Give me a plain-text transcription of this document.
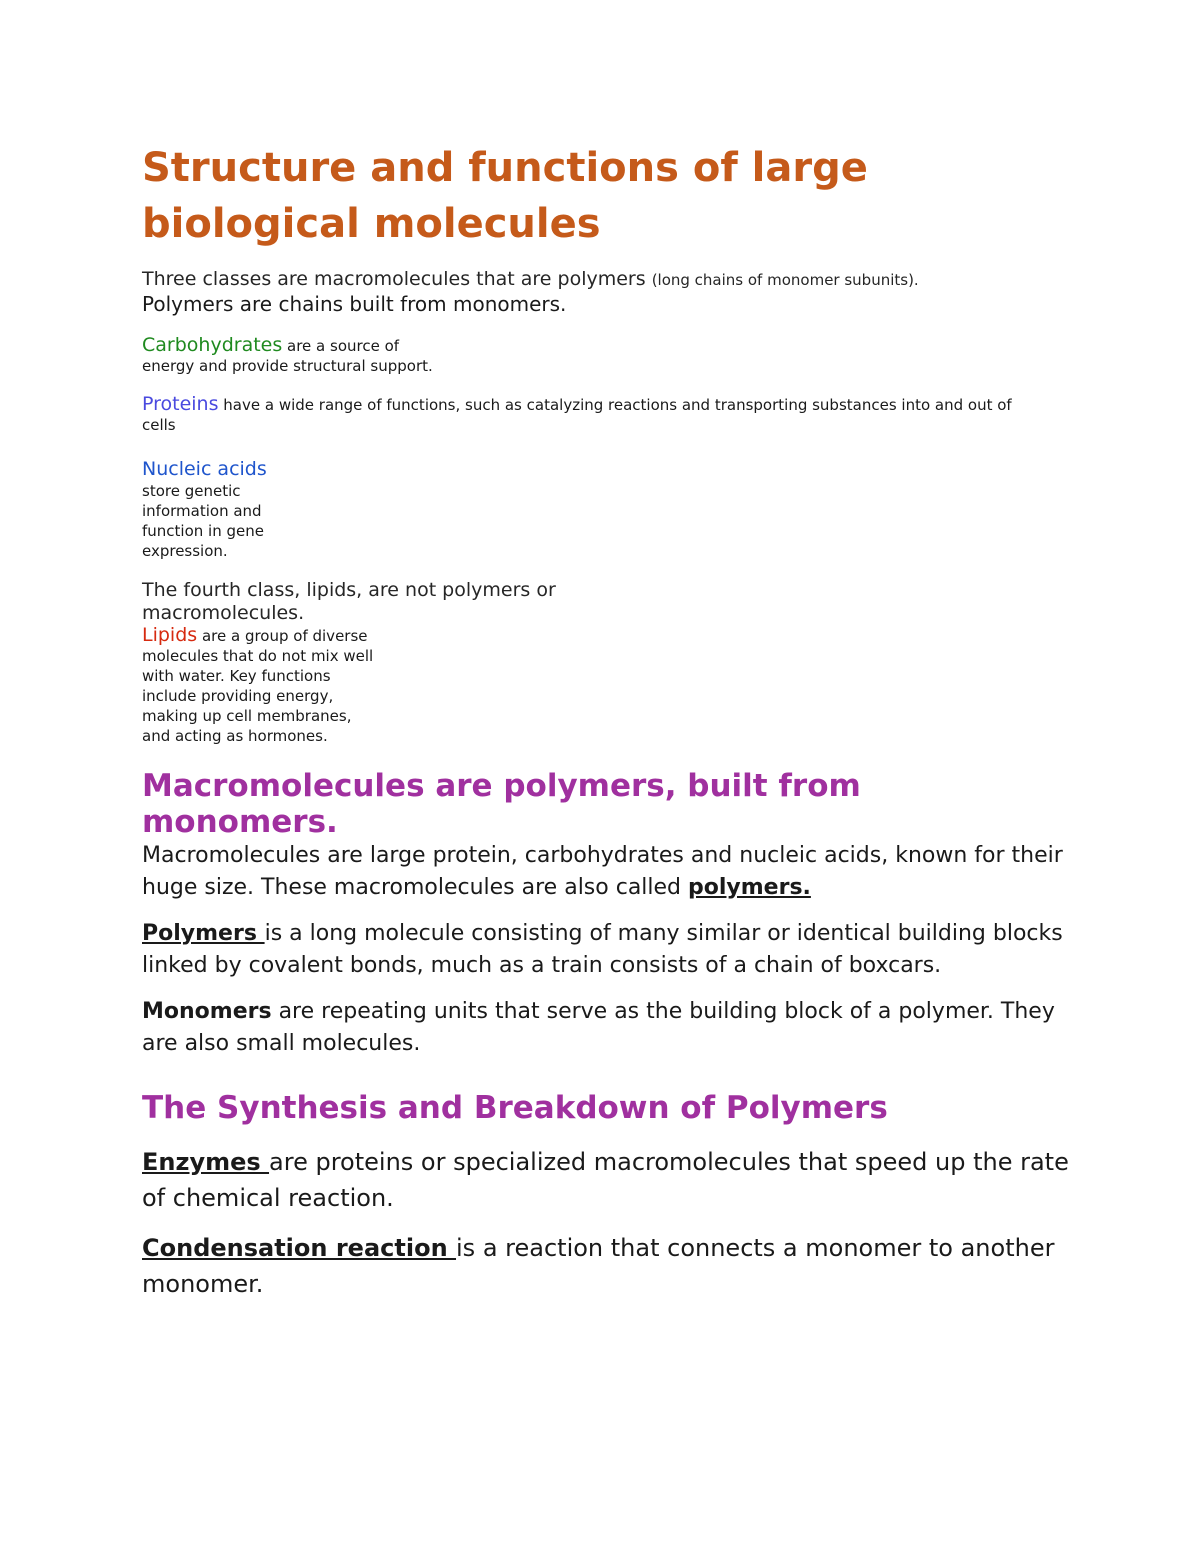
Structure and functions of large biological molecules

Three classes are macromolecules that are polymers (long chains of monomer subunits).

Polymers are chains built from monomers.

Carbohydrates are a source of energy and provide structural support.
Proteins have a wide range of functions, such as catalyzing reactions and transporting substances into and out of cells
Nucleic acids
store genetic information and function in gene expression.
The fourth class, lipids, are not polymers or macromolecules.
Lipids are a group of diverse molecules that do not mix well with water. Key functions include providing energy, making up cell membranes, and acting as hormones.
Macromolecules are polymers, built from monomers.

Macromolecules are large protein, carbohydrates and nucleic acids, known for their huge size. These macromolecules are also called polymers.

Polymers is a long molecule consisting of many similar or identical building blocks linked by covalent bonds, much as a train consists of a chain of boxcars.

Monomers are repeating units that serve as the building block of a polymer. They are also small molecules.

The Synthesis and Breakdown of Polymers

Enzymes are proteins or specialized macromolecules that speed up the rate of chemical reaction.

Condensation reaction is a reaction that connects a monomer to another monomer.
